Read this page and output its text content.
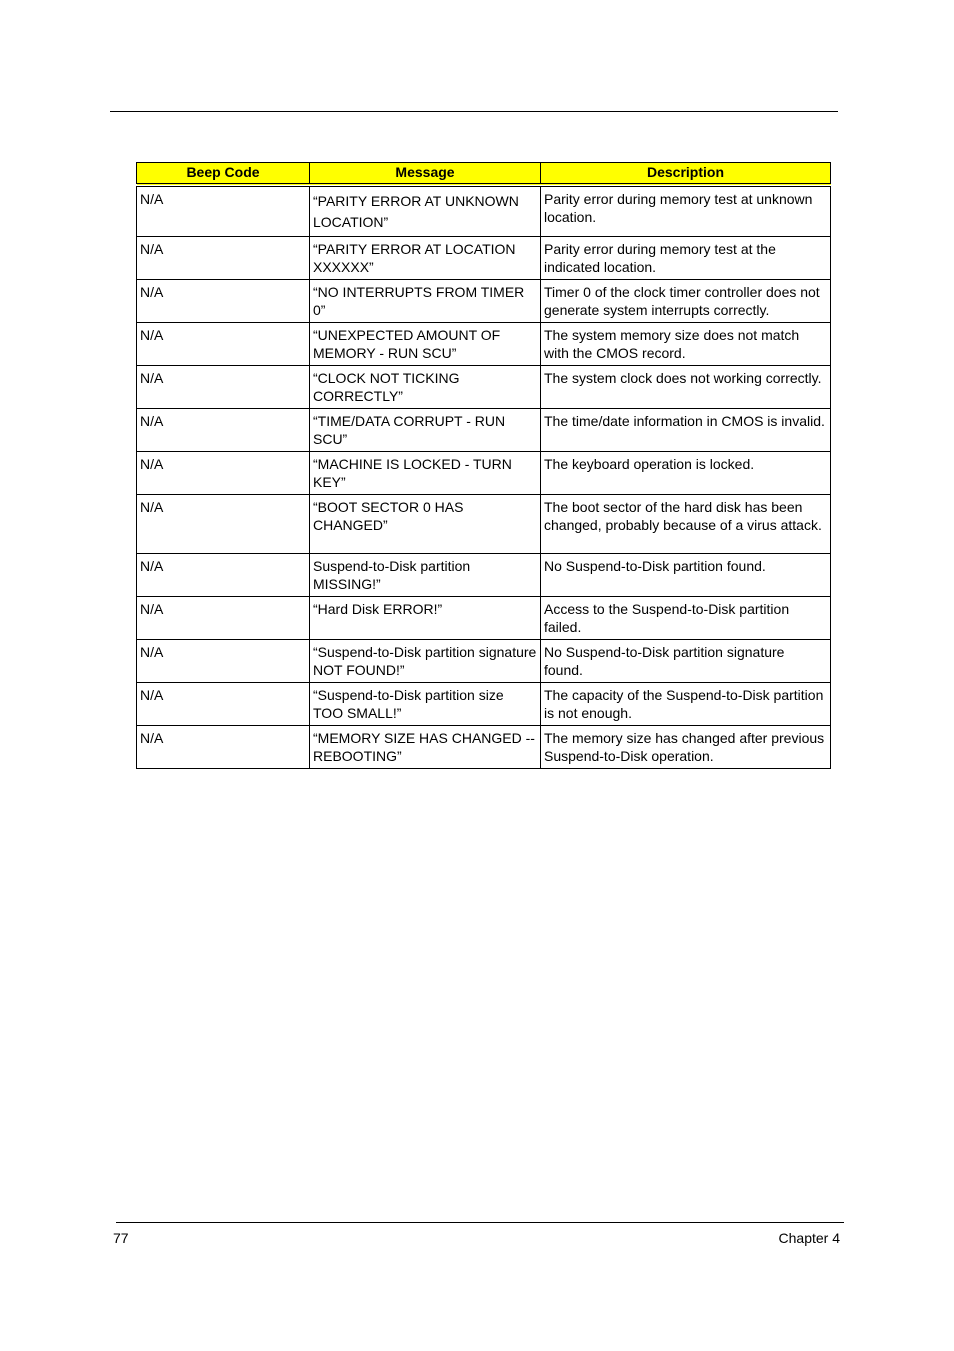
Beep Code	Message	Description
N/A	“PARITY ERROR AT UNKNOWN LOCATION”	Parity error during memory test at unknown location.
N/A	“PARITY ERROR AT LOCATION XXXXXX”	Parity error during memory test at the indicated location.
N/A	“NO INTERRUPTS FROM TIMER 0”	Timer 0 of the clock timer controller does not generate system interrupts correctly.
N/A	“UNEXPECTED AMOUNT OF MEMORY - RUN SCU”	The system memory size does not match with the CMOS record.
N/A	“CLOCK NOT TICKING CORRECTLY”	The system clock does not working correctly.
N/A	“TIME/DATA CORRUPT - RUN SCU”	The time/date information in CMOS is invalid.
N/A	“MACHINE IS LOCKED - TURN KEY”	The keyboard operation is locked.
N/A	“BOOT SECTOR 0 HAS CHANGED”	The boot sector of the hard disk has been changed, probably because of a virus attack.
N/A	Suspend-to-Disk partition MISSING!”	No Suspend-to-Disk partition found.
N/A	“Hard Disk ERROR!”	Access to the Suspend-to-Disk partition failed.
N/A	“Suspend-to-Disk partition signature NOT FOUND!”	No Suspend-to-Disk partition signature found.
N/A	“Suspend-to-Disk partition size TOO SMALL!”	The capacity of the Suspend-to-Disk partition is not enough.
N/A	“MEMORY SIZE HAS CHANGED -- REBOOTING”	The memory size has changed after previous Suspend-to-Disk operation.
77	Chapter 4
